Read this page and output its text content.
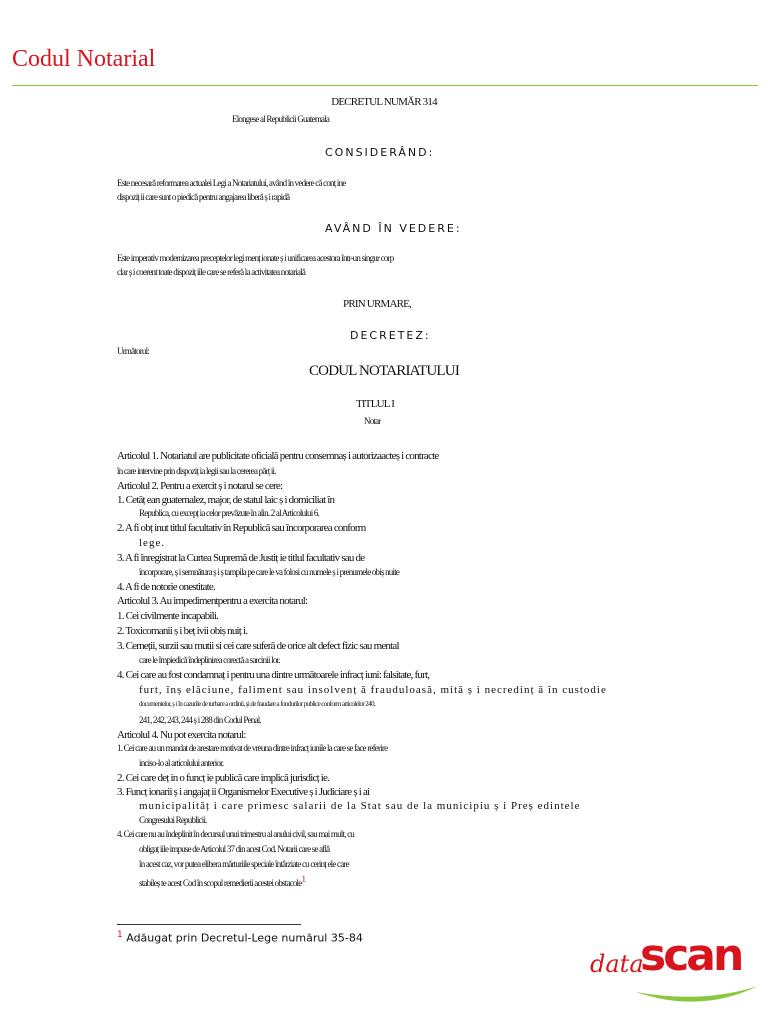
Codul Notarial
DECRETUL NUMĂR 314
Elongese al Republicii Guatemala
CONSIDERÂND:
Este necesară reformarea actualei Legi a Notariatului, având în vedere că conț ine
dispoziț ii care sunt o piedică pentru angajarea liberă ș i rapidă
AVÂND ÎN VEDERE:
Este imperativ modernizarea preceptelor legi menț ionate ș i unificarea acestora într-un singur corp
clar ș i coerent toate dispoziț iile care se referă la activitatea notarială
PRIN URMARE,
DECRETEZ:
Următorul:
CODUL NOTARIATULUI
TITLUL I
Notar
Articolul 1. Notariatul are publicitate oficială pentru consemnaș i autorizaacteș i contracte
în care intervine prin dispoziț ia legii sau la cererea părț ii.
Articolul 2. Pentru a exercit ș i notarul se cere:
1. Cetăț ean guatemalez, major, de statul laic ș i domiciliat în
Republica, cu excepț ia celor prevăzute în alin. 2 al Articolului 6.
2. A fi obț inut titlul facultativ în Republică sau încorporarea conform
lege.
3. A fi înregistrat la Curtea Supremă de Justiț ie titlul facultativ sau de
încorporare, ș i semnătura ș i ș tampila pe care le va folosi cu numele ș i prenumele obiș nuite
4. A fi de notorie onestitate.
Articolul 3. Au impedimentpentru a exercita notarul:
1. Cei civilmente incapabili.
2. Toxicomanii ș i beț ivii obiș nuiț i.
3. Cerneții, surzii sau mutii si cei care suferă de orice alt defect fizic sau mental
care le împiedică îndeplinirea corectă a sarcinii lor.
4. Cei care au fost condamnaț i pentru una dintre următoarele infracț iuni: falsitate, furt,
furt, înș elăciune, faliment sau insolvenț ă frauduloasă, mită ș i necredinț ă în custodie
documentelor, ș i în cazurile de turbare a ordinii, și de fraudare a fondurilor publice conform articolelor 240,
241, 242, 243, 244 ș i 288 din Codul Penal.
Articolul 4. Nu pot exercita notarul:
1. Cei care au un mandat de arestare motivat de vreuna dintre infracț iunile la care se face referire
inciso-lo al articolului anterior.
2. Cei care deț in o funcț ie publică care implică jurisdicț ie.
3. Funcț ionarii ș i angajaț ii Organismelor Executive ș i Judiciare ș i ai
municipalităț i care primesc salarii de la Stat sau de la municipiu ș i Preș edintele
Congresului Republicii.
4. Cei care nu au îndeplinit în decursul unui trimestru al anului civil, sau mai mult, cu
obligaț iile impuse de Articolul 37 din acest Cod. Notarii care se află
în acest caz, vor putea elibera mărturiile speciale întârziate cu cerinț ele care
stabileș te acest Cod în scopul remedierii acestei obstacole1
$^1$ Adăugat prin Decretul-Lege numărul 35-84
data
scan
